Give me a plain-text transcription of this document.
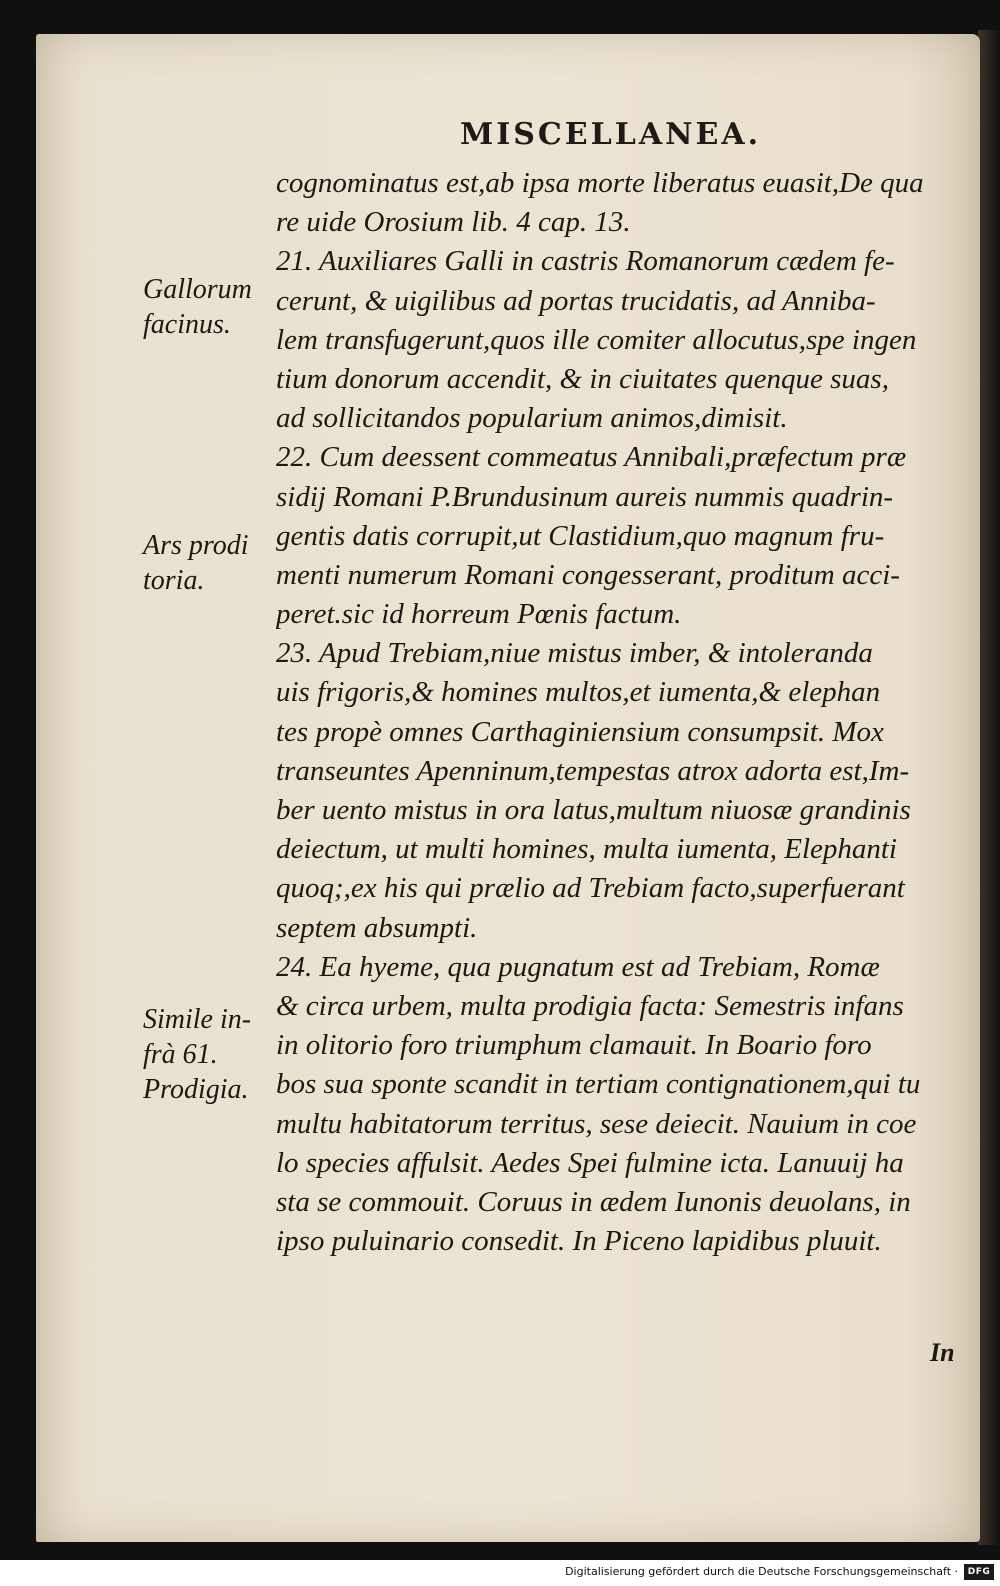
MISCELLANEA.
cognominatus est,ab ipsa morte liberatus euasit,De qua
re uide Orosium lib. 4 cap. 13.
21. Auxiliares Galli in castris Romanorum cædem fe-
cerunt, & uigilibus ad portas trucidatis, ad Anniba-
lem transfugerunt,quos ille comiter allocutus,spe ingen
tium donorum accendit, & in ciuitates quenque suas,
ad sollicitandos popularium animos,dimisit.
22. Cum deessent commeatus Annibali,præfectum præ
sidij Romani P.Brundusinum aureis nummis quadrin-
gentis datis corrupit,ut Clastidium,quo magnum fru-
menti numerum Romani congesserant, proditum acci-
peret.sic id horreum Pœnis factum.
23. Apud Trebiam,niue mistus imber, & intoleranda
uis frigoris,& homines multos,et iumenta,& elephan
tes propè omnes Carthaginiensium consumpsit. Mox
transeuntes Apenninum,tempestas atrox adorta est,Im-
ber uento mistus in ora latus,multum niuosæ grandinis
deiectum, ut multi homines, multa iumenta, Elephanti
quoq;,ex his qui prælio ad Trebiam facto,superfuerant
septem absumpti.
24. Ea hyeme, qua pugnatum est ad Trebiam, Romæ
& circa urbem, multa prodigia facta: Semestris infans
in olitorio foro triumphum clamauit. In Boario foro
bos sua sponte scandit in tertiam contignationem,qui tu
multu habitatorum territus, sese deiecit. Nauium in coe
lo species affulsit. Aedes Spei fulmine icta. Lanuuij ha
sta se commouit. Coruus in ædem Iunonis deuolans, in
ipso puluinario consedit. In Piceno lapidibus pluuit.
Gallorum
facinus.
Ars prodi
toria.
Simile in-
frà 61.
Prodigia.
In
Digitalisierung gefördert durch die Deutsche Forschungsgemeinschaft ·	DFG
